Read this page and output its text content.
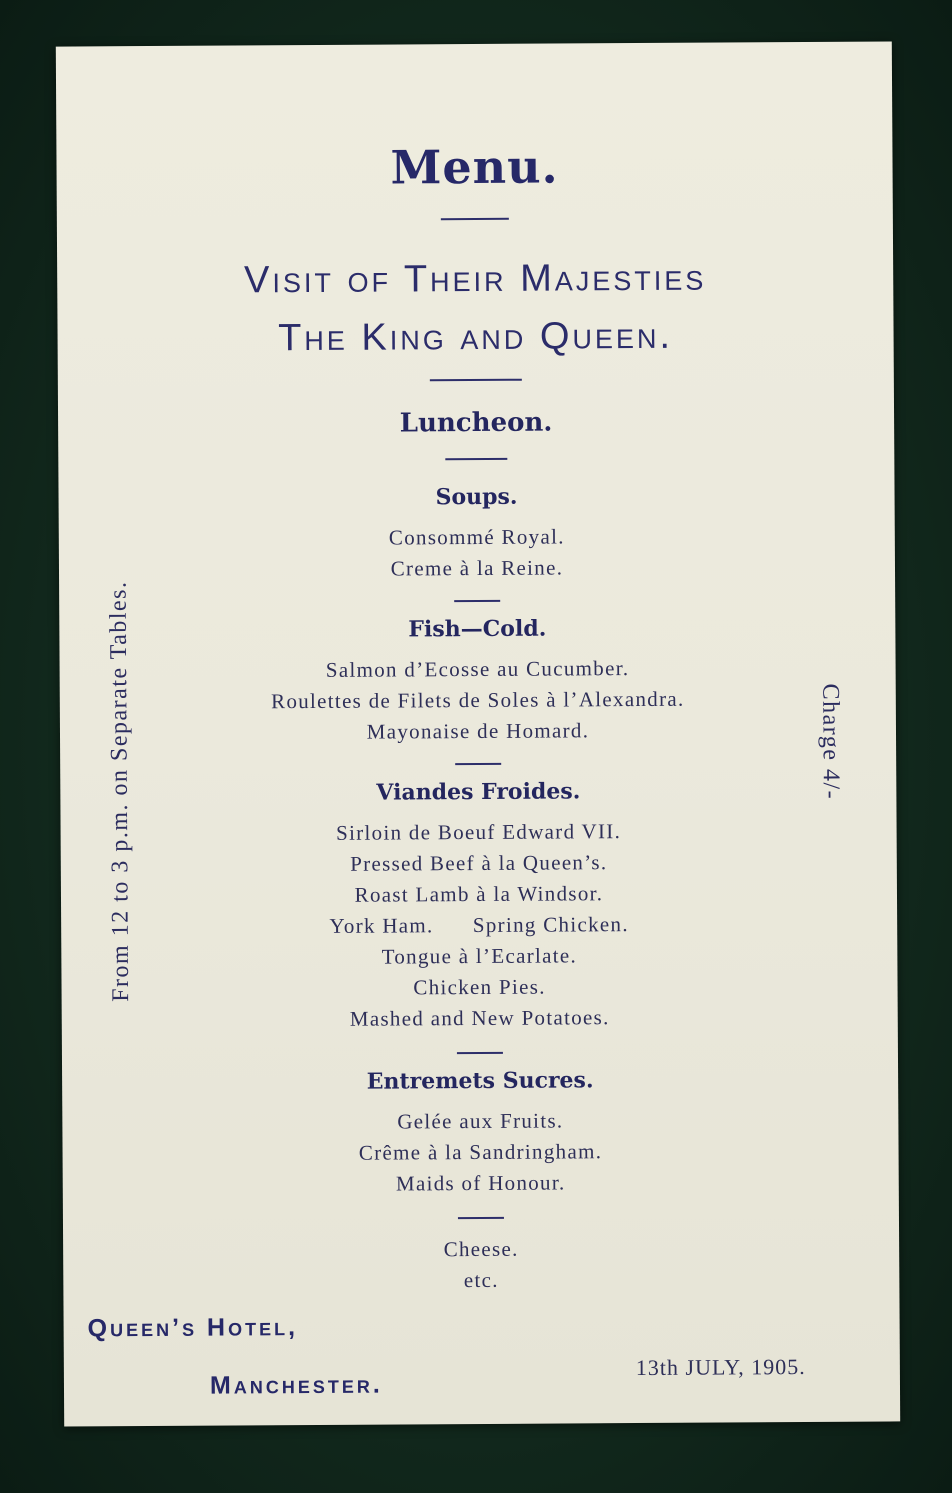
Menu.
Visit of Their Majesties
The King and Queen.
Luncheon.
Soups.
Consommé Royal.
Creme à la Reine.
Fish—Cold.
Salmon d’Ecosse au Cucumber.
Roulettes de Filets de Soles à l’Alexandra.
Mayonaise de Homard.
Viandes Froides.
Sirloin de Boeuf Edward VII.
Pressed Beef à la Queen’s.
Roast Lamb à la Windsor.
York Ham.      Spring Chicken.
Tongue à l’Ecarlate.
Chicken Pies.
Mashed and New Potatoes.
Entremets Sucres.
Gelée aux Fruits.
Crême à la Sandringham.
Maids of Honour.
Cheese.
etc.
From 12 to 3 p.m. on Separate Tables.	Charge 4/-
Queen’s Hotel,
Manchester.
13th JULY, 1905.
